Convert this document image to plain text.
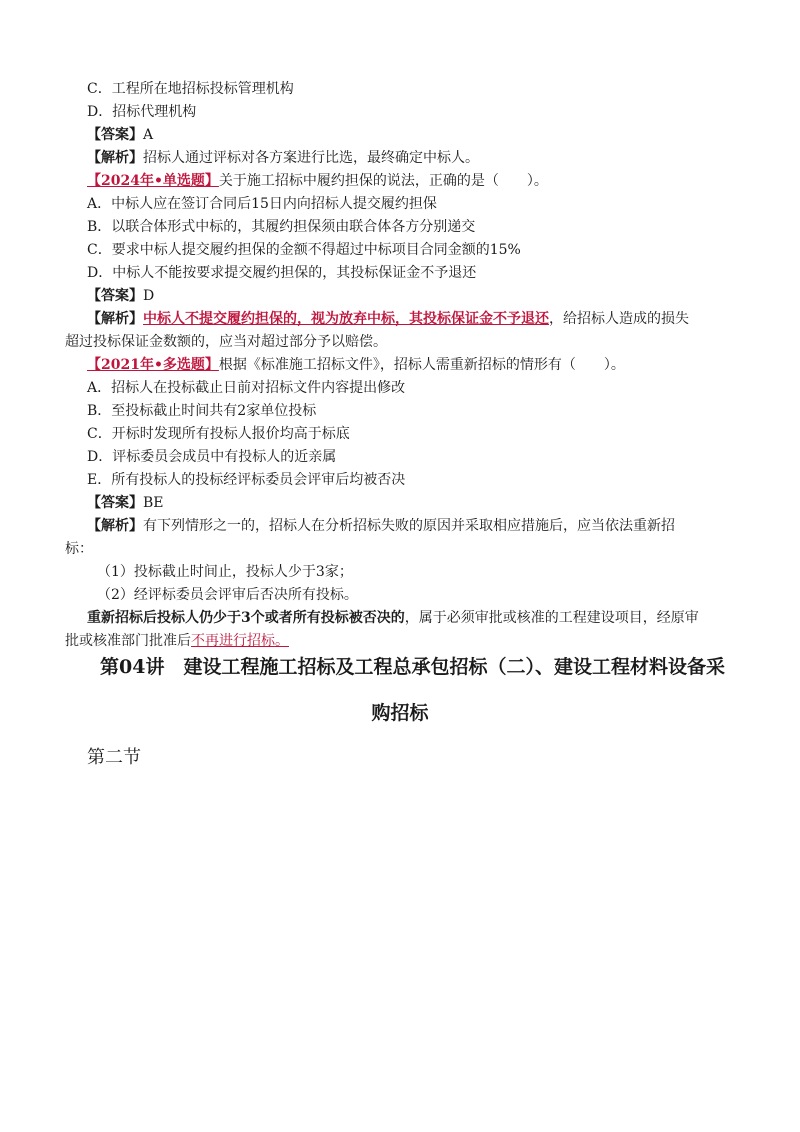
C．工程所在地招标投标管理机构
D．招标代理机构
【答案】A
【解析】招标人通过评标对各方案进行比选，最终确定中标人。
【2024年•单选题】关于施工招标中履约担保的说法，正确的是（　　）。
A．中标人应在签订合同后15日内向招标人提交履约担保
B．以联合体形式中标的，其履约担保须由联合体各方分别递交
C．要求中标人提交履约担保的金额不得超过中标项目合同金额的15%
D．中标人不能按要求提交履约担保的，其投标保证金不予退还
【答案】D
【解析】中标人不提交履约担保的，视为放弃中标，其投标保证金不予退还，给招标人造成的损失
超过投标保证金数额的，应当对超过部分予以赔偿。
【2021年•多选题】根据《标准施工招标文件》，招标人需重新招标的情形有（　　）。
A．招标人在投标截止日前对招标文件内容提出修改
B．至投标截止时间共有2家单位投标
C．开标时发现所有投标人报价均高于标底
D．评标委员会成员中有投标人的近亲属
E．所有投标人的投标经评标委员会评审后均被否决
【答案】BE
【解析】有下列情形之一的，招标人在分析招标失败的原因并采取相应措施后，应当依法重新招
标：
（1）投标截止时间止，投标人少于3家；
（2）经评标委员会评审后否决所有投标。
重新招标后投标人仍少于3个或者所有投标被否决的，属于必须审批或核准的工程建设项目，经原审
批或核准部门批准后不再进行招标。
第04讲　建设工程施工招标及工程总承包招标（二）、建设工程材料设备采
购招标
第二节
